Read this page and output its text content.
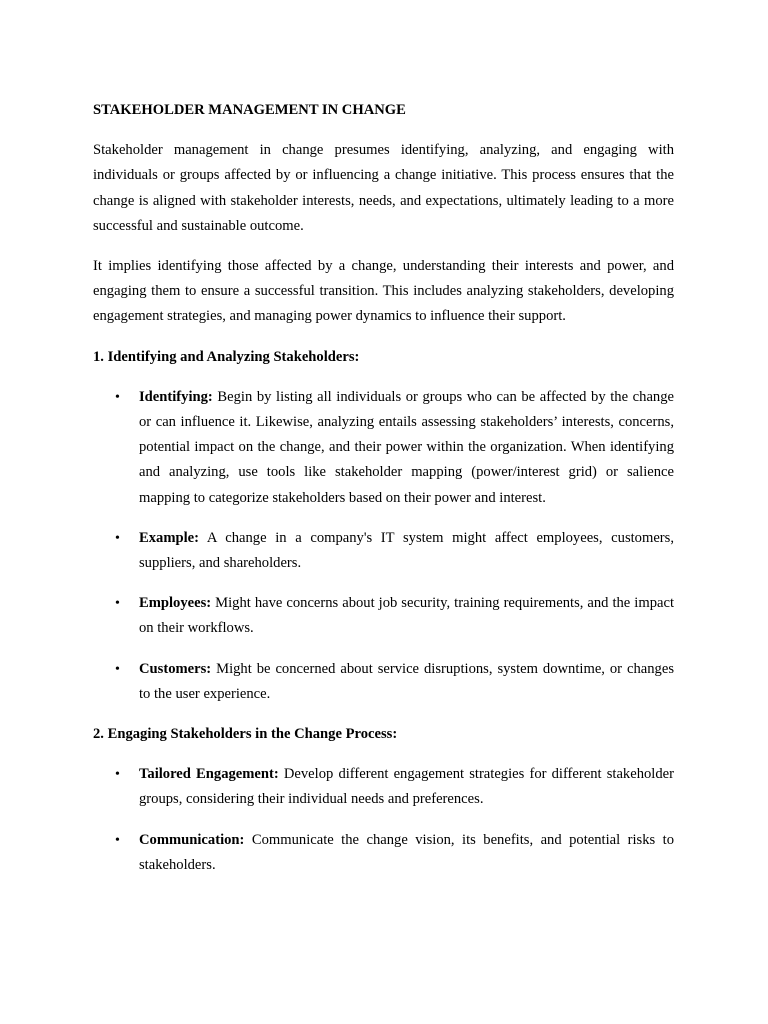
STAKEHOLDER MANAGEMENT IN CHANGE

Stakeholder management in change presumes identifying, analyzing, and engaging with individuals or groups affected by or influencing a change initiative. This process ensures that the change is aligned with stakeholder interests, needs, and expectations, ultimately leading to a more successful and sustainable outcome.

It implies identifying those affected by a change, understanding their interests and power, and engaging them to ensure a successful transition. This includes analyzing stakeholders, developing engagement strategies, and managing power dynamics to influence their support.

1. Identifying and Analyzing Stakeholders:
• Identifying: Begin by listing all individuals or groups who can be affected by the change or can influence it. Likewise, analyzing entails assessing stakeholders’ interests, concerns, potential impact on the change, and their power within the organization. When identifying and analyzing, use tools like stakeholder mapping (power/interest grid) or salience mapping to categorize stakeholders based on their power and interest.
• Example: A change in a company's IT system might affect employees, customers, suppliers, and shareholders.
• Employees: Might have concerns about job security, training requirements, and the impact on their workflows.
• Customers: Might be concerned about service disruptions, system downtime, or changes to the user experience.
2. Engaging Stakeholders in the Change Process:
• Tailored Engagement: Develop different engagement strategies for different stakeholder groups, considering their individual needs and preferences.
• Communication: Communicate the change vision, its benefits, and potential risks to stakeholders.
